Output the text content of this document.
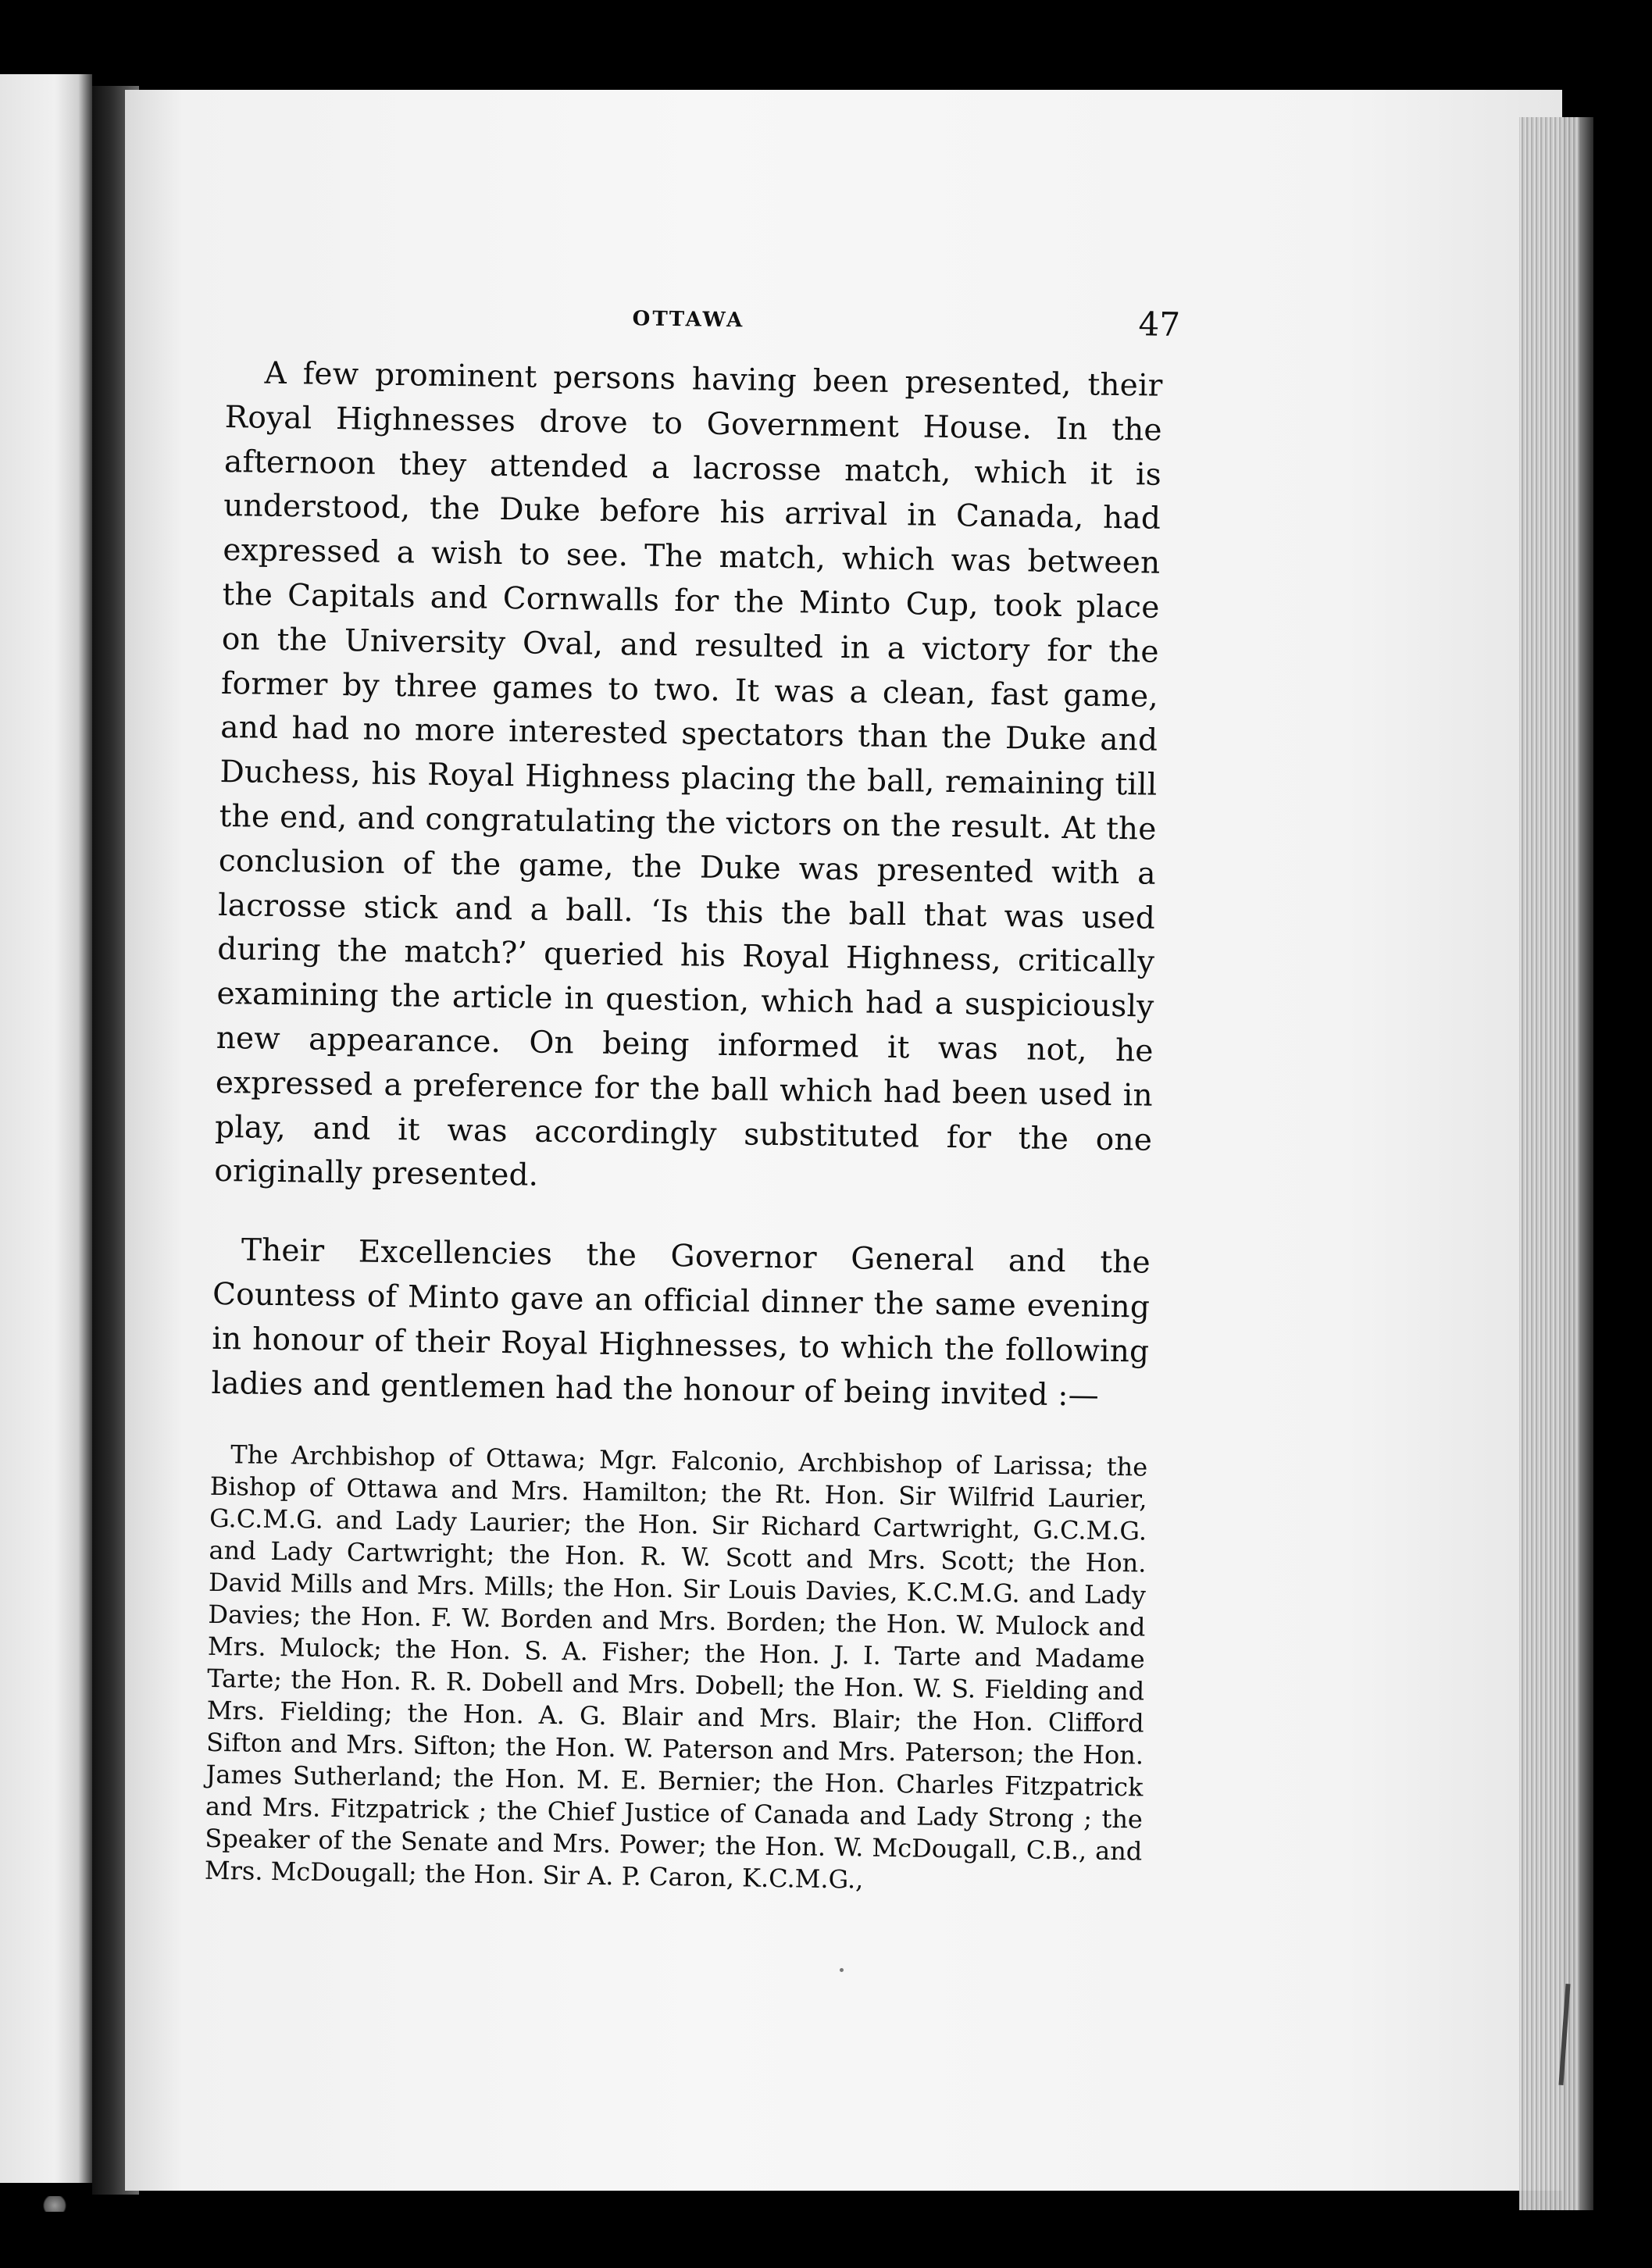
OTTAWA	47

A few prominent persons having been presented, their Royal Highnesses drove to Government House. In the afternoon they attended a lacrosse match, which it is understood, the Duke before his arrival in Canada, had expressed a wish to see. The match, which was between the Capitals and Cornwalls for the Minto Cup, took place on the University Oval, and resulted in a victory for the former by three games to two. It was a clean, fast game, and had no more interested spectators than the Duke and Duchess, his Royal Highness placing the ball, remaining till the end, and congratulating the victors on the result. At the conclusion of the game, the Duke was presented with a lacrosse stick and a ball. ‘Is this the ball that was used during the match?’ queried his Royal Highness, critically examining the article in question, which had a suspiciously new appearance. On being informed it was not, he expressed a preference for the ball which had been used in play, and it was accordingly substituted for the one originally presented.

Their Excellencies the Governor General and the Countess of Minto gave an official dinner the same evening in honour of their Royal Highnesses, to which the following ladies and gentlemen had the honour of being invited :—

The Archbishop of Ottawa; Mgr. Falconio, Archbishop of Larissa; the Bishop of Ottawa and Mrs. Hamilton; the Rt. Hon. Sir Wilfrid Laurier, G.C.M.G. and Lady Laurier; the Hon. Sir Richard Cartwright, G.C.M.G. and Lady Cartwright; the Hon. R. W. Scott and Mrs. Scott; the Hon. David Mills and Mrs. Mills; the Hon. Sir Louis Davies, K.C.M.G. and Lady Davies; the Hon. F. W. Borden and Mrs. Borden; the Hon. W. Mulock and Mrs. Mulock; the Hon. S. A. Fisher; the Hon. J. I. Tarte and Madame Tarte; the Hon. R. R. Dobell and Mrs. Dobell; the Hon. W. S. Fielding and Mrs. Fielding; the Hon. A. G. Blair and Mrs. Blair; the Hon. Clifford Sifton and Mrs. Sifton; the Hon. W. Paterson and Mrs. Paterson; the Hon. James Sutherland; the Hon. M. E. Bernier; the Hon. Charles Fitzpatrick and Mrs. Fitzpatrick ; the Chief Justice of Canada and Lady Strong ; the Speaker of the Senate and Mrs. Power; the Hon. W. McDougall, C.B., and Mrs. McDougall; the Hon. Sir A. P. Caron, K.C.M.G.,
